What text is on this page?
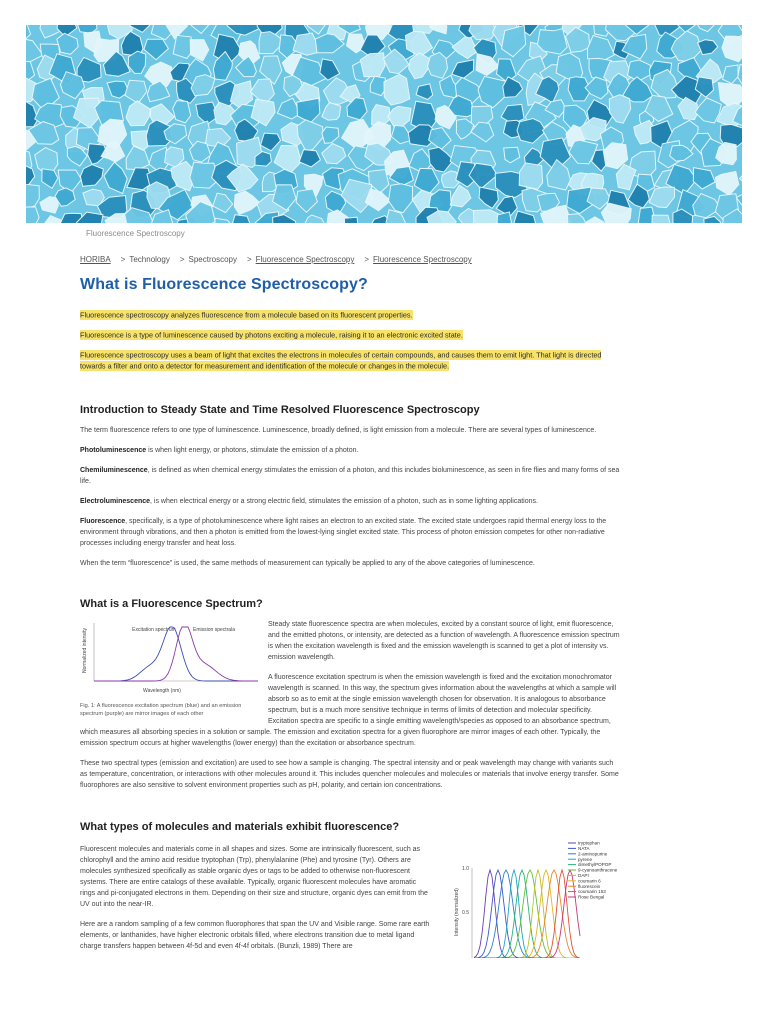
Fluorescence Spectroscopy
HORIBA > Technology > Spectroscopy > Fluorescence Spectroscopy > Fluorescence Spectroscopy
What is Fluorescence Spectroscopy?

Fluorescence spectroscopy analyzes fluorescence from a molecule based on its fluorescent properties.

Fluorescence is a type of luminescence caused by photons exciting a molecule, raising it to an electronic excited state.

Fluorescence spectroscopy uses a beam of light that excites the electrons in molecules of certain compounds, and causes them to emit light. That light is directed towards a filter and onto a detector for measurement and identification of the molecule or changes in the molecule.

Introduction to Steady State and Time Resolved Fluorescence Spectroscopy

The term fluorescence refers to one type of luminescence. Luminescence, broadly defined, is light emission from a molecule. There are several types of luminescence.

Photoluminescence is when light energy, or photons, stimulate the emission of a photon.

Chemiluminescence, is defined as when chemical energy stimulates the emission of a photon, and this includes bioluminescence, as seen in fire flies and many forms of sea life.

Electroluminescence, is when electrical energy or a strong electric field, stimulates the emission of a photon, such as in some lighting applications.

Fluorescence, specifically, is a type of photoluminescence where light raises an electron to an excited state. The excited state undergoes rapid thermal energy loss to the environment through vibrations, and then a photon is emitted from the lowest-lying singlet excited state. This process of photon emission competes for other non-radiative processes including energy transfer and heat loss.

When the term “fluorescence” is used, the same methods of measurement can typically be applied to any of the above categories of luminescence.

What is a Fluorescence Spectrum?
Normalized intensity
Wavelength (nm)
Excitation spectrum	Emission spectrala
Fig. 1: A fluorescence excitation spectrum (blue) and an emission spectrum (purple) are mirror images of each other

Steady state fluorescence spectra are when molecules, excited by a constant source of light, emit fluorescence, and the emitted photons, or intensity, are detected as a function of wavelength. A fluorescence emission spectrum is when the excitation wavelength is fixed and the emission wavelength is scanned to get a plot of intensity vs. emission wavelength.

A fluorescence excitation spectrum is when the emission wavelength is fixed and the excitation monochromator wavelength is scanned. In this way, the spectrum gives information about the wavelengths at which a sample will absorb so as to emit at the single emission wavelength chosen for observation. It is analogous to absorbance spectrum, but is a much more sensitive technique in terms of limits of detection and molecular specificity. Excitation spectra are specific to a single emitting wavelength/species as opposed to an absorbance spectrum, which measures all absorbing species in a solution or sample. The emission and excitation spectra for a given fluorophore are mirror images of each other. Typically, the emission spectrum occurs at higher wavelengths (lower energy) than the excitation or absorbance spectrum.

These two spectral types (emission and excitation) are used to see how a sample is changing. The spectral intensity and or peak wavelength may change with variants such as temperature, concentration, or interactions with other molecules around it. This includes quencher molecules and molecules or materials that involve energy transfer. Some fluorophores are also sensitive to solvent environment properties such as pH, polarity, and certain ion concentrations.

What types of molecules and materials exhibit fluorescence?

Fluorescent molecules and materials come in all shapes and sizes. Some are intrinsically fluorescent, such as chlorophyll and the amino acid residue tryptophan (Trp), phenylalanine (Phe) and tyrosine (Tyr). Others are molecules synthesized specifically as stable organic dyes or tags to be added to otherwise non-fluorescent systems. There are entire catalogs of these available. Typically, organic fluorescent molecules have aromatic rings and pi-conjugated electrons in them. Depending on their size and structure, organic dyes can emit from the UV out into the near-IR.

Here are a random sampling of a few common fluorophores that span the UV and Visible range. Some rare earth elements, or lanthanides, have higher electronic orbitals filled, where electrons transition due to metal ligand charge transfers happen between 4f-5d and even 4f-4f orbitals. (Bunzli, 1989) There are

Intensity (normalized)
1.0
0.5
tryptophan
NATA
2-aminopurine
pyrene
dimethylPOPOP
9-cyanoanthracene
DAPI
coumarin 6
fluorescein
coumarin 153
Rose Bengal
